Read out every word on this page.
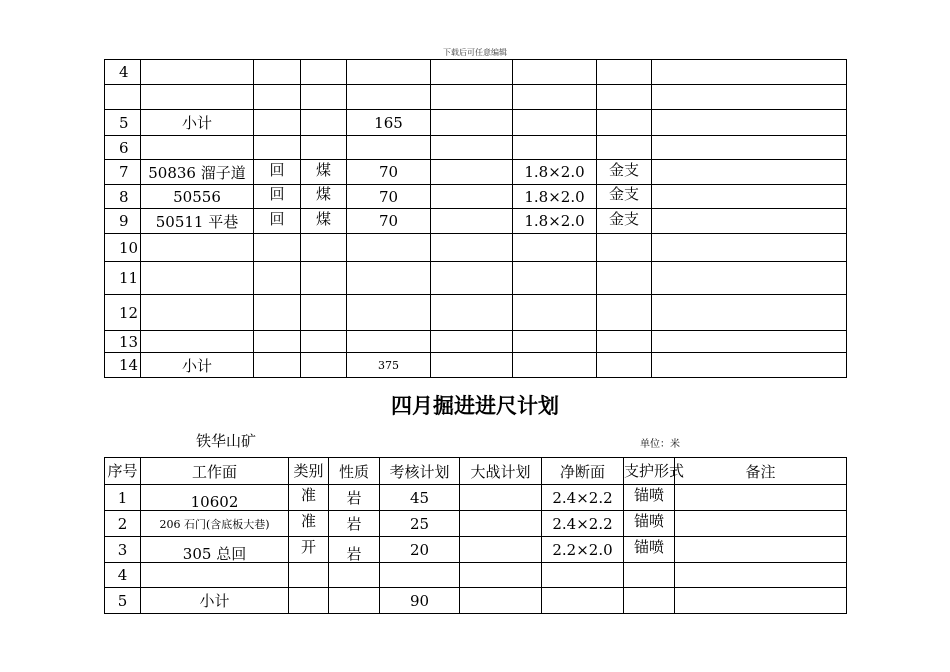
下载后可任意编辑
4								

5	小计			165				
6								
7	50836 溜子道	回	煤	70		1.8×2.0	金支	
8	50556	回	煤	70		1.8×2.0	金支	
9	50511 平巷	回	煤	70		1.8×2.0	金支	
10								
11								
12								
13								
14	小计			375				
四月掘进进尺计划
铁华山矿	单位：米
序号	工作面	类别	性质	考核计划	大战计划	净断面	支护形式	备注
1	10602	准	岩	45		2.4×2.2	锚喷	
2	206 石门(含底板大巷)	准	岩	25		2.4×2.2	锚喷	
3	305 总回	开	岩	20		2.2×2.0	锚喷	
4								
5	小计			90				
